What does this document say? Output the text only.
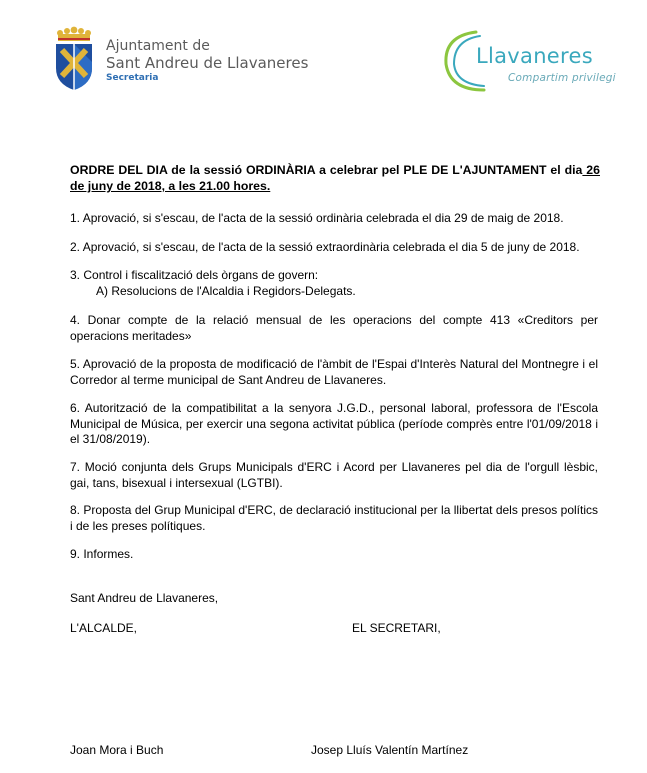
Ajuntament de
Sant Andreu de Llavaneres
Secretaria
Llavaneres
Compartim privilegi
ORDRE DEL DIA de la sessió ORDINÀRIA a celebrar pel PLE DE L'AJUNTAMENT el dia 26 de juny de 2018, a les 21.00 hores.
1. Aprovació, si s'escau, de l'acta de la sessió ordinària celebrada el dia 29 de maig de 2018.
2. Aprovació, si s'escau, de l'acta de la sessió extraordinària celebrada el dia 5 de juny de 2018.
3. Control i fiscalització dels òrgans de govern:
A) Resolucions de l'Alcaldia i Regidors-Delegats.
4. Donar compte de la relació mensual de les operacions del compte 413 «Creditors per operacions meritades»
5. Aprovació de la proposta de modificació de l'àmbit de l'Espai d'Interès Natural del Montnegre i el Corredor al terme municipal de Sant Andreu de Llavaneres.
6. Autorització de la compatibilitat a la senyora J.G.D., personal laboral, professora de l'Escola Municipal de Música, per exercir una segona activitat pública (període comprès entre l'01/09/2018 i el 31/08/2019).
7. Moció conjunta dels Grups Municipals d'ERC i Acord per Llavaneres pel dia de l'orgull lèsbic, gai, tans, bisexual i intersexual (LGTBI).
8. Proposta del Grup Municipal d'ERC, de declaració institucional per la llibertat dels presos polítics i de les preses polítiques.
9. Informes.
Sant Andreu de Llavaneres,
L'ALCALDE,	EL SECRETARI,
Joan Mora i Buch	Josep Lluís Valentín Martínez
